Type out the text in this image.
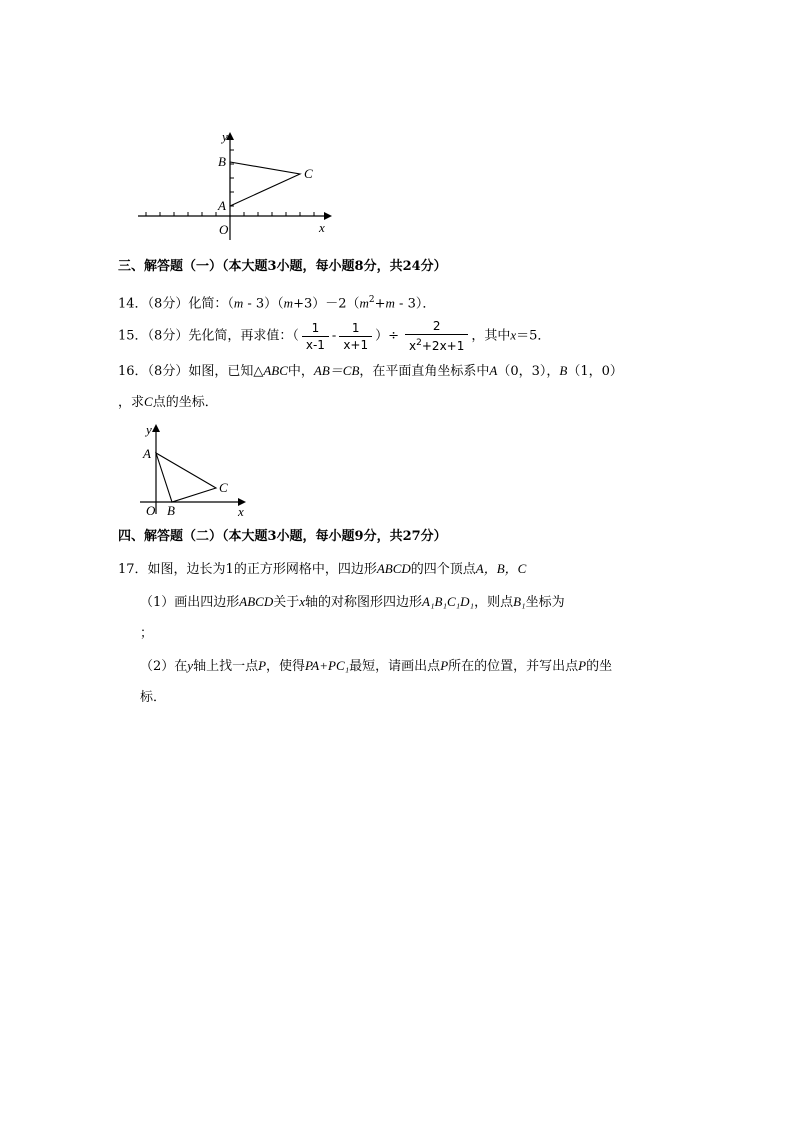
y
x
O
A
B
C
三、解答题（一）（本大题3小题，每小题8分，共24分）
14．（8分）化简：$(m - 3)(m+3)-2(m^2+m - 3)$．
15．（8分）先化简，再求值：（ $\frac{1}{x-1} - \frac{1}{x+1}$ ）÷ $\frac{2}{x^2+2x+1}$ ，其中x＝5．
16．（8分）如图，已知△ABC中，AB＝CB，在平面直角坐标系中A（0，3），B（1，0）
，求C点的坐标．
y
x
O
A
B
C
四、解答题（二）（本大题3小题，每小题9分，共27分）
17．如图，边长为1的正方形网格中，四边形ABCD的四个顶点A，B，C
（1）画出四边形ABCD关于x轴的对称图形四边形A₁B₁C₁D₁，则点B₁坐标为
；
（2）在y轴上找一点P，使得PA+PC₁最短，请画出点P所在的位置，并写出点P的坐
标．
